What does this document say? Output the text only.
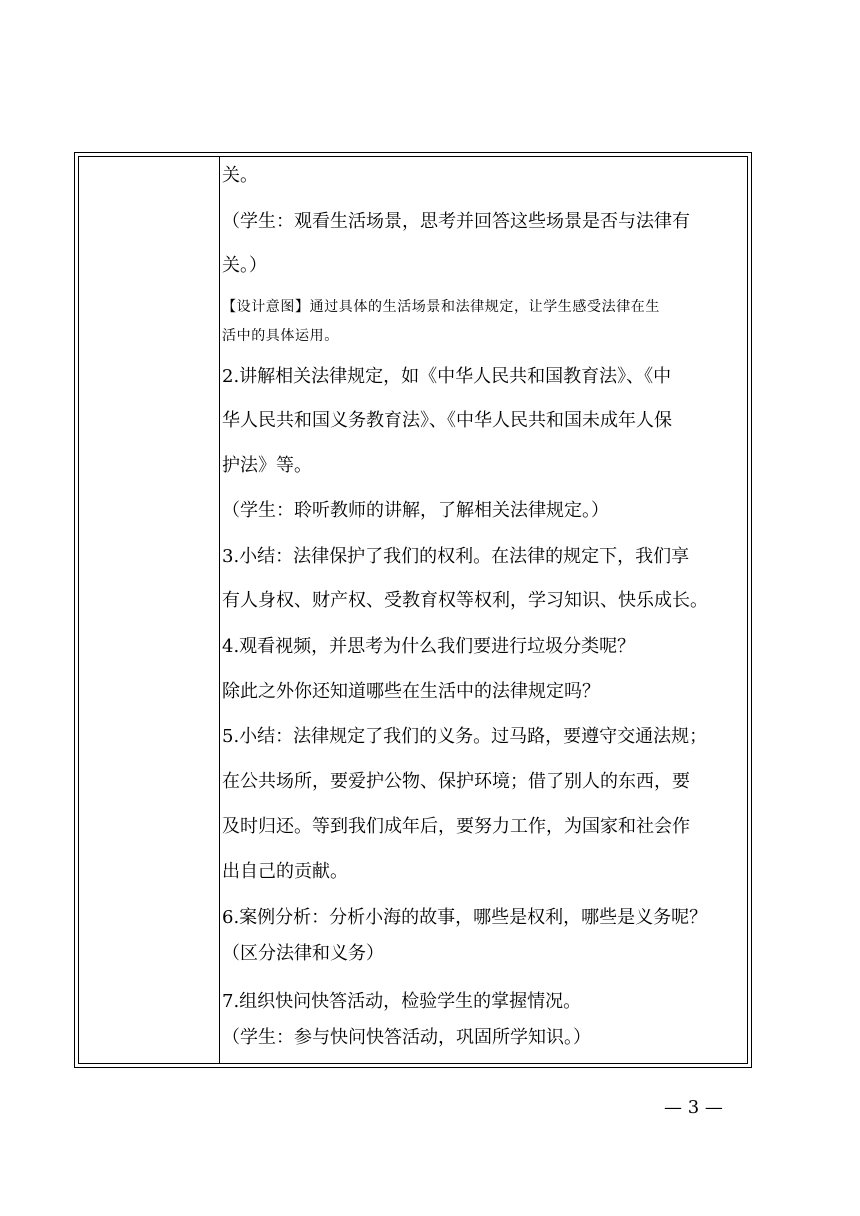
关。
（学生：观看生活场景，思考并回答这些场景是否与法律有
关。）
【设计意图】通过具体的生活场景和法律规定，让学生感受法律在生
活中的具体运用。
2.讲解相关法律规定，如《中华人民共和国教育法》、《中
华人民共和国义务教育法》、《中华人民共和国未成年人保
护法》等。
（学生：聆听教师的讲解，了解相关法律规定。）
3.小结：法律保护了我们的权利。在法律的规定下，我们享
有人身权、财产权、受教育权等权利，学习知识、快乐成长。
4.观看视频，并思考为什么我们要进行垃圾分类呢？
除此之外你还知道哪些在生活中的法律规定吗？
5.小结：法律规定了我们的义务。过马路，要遵守交通法规；
在公共场所，要爱护公物、保护环境；借了别人的东西，要
及时归还。等到我们成年后，要努力工作，为国家和社会作
出自己的贡献。
6.案例分析：分析小海的故事，哪些是权利，哪些是义务呢？
（区分法律和义务）
7.组织快问快答活动，检验学生的掌握情况。
（学生：参与快问快答活动，巩固所学知识。）
— 3 —
